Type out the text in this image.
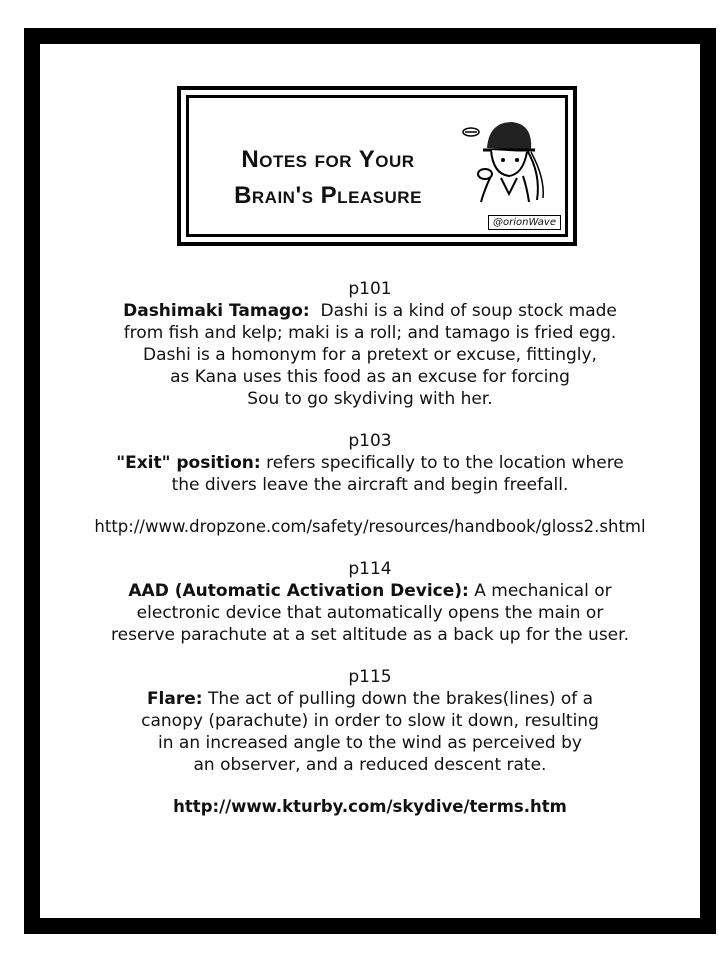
Notes for Your
Brain's Pleasure
@orionWave
p101
Dashimaki Tamago: Dashi is a kind of soup stock made
from fish and kelp; maki is a roll; and tamago is fried egg.
Dashi is a homonym for a pretext or excuse, fittingly,
as Kana uses this food as an excuse for forcing
Sou to go skydiving with her.
p103
"Exit" position: refers specifically to to the location where
the divers leave the aircraft and begin freefall.
http://www.dropzone.com/safety/resources/handbook/gloss2.shtml
p114
AAD (Automatic Activation Device): A mechanical or
electronic device that automatically opens the main or
reserve parachute at a set altitude as a back up for the user.
p115
Flare: The act of pulling down the brakes(lines) of a
canopy (parachute) in order to slow it down, resulting
in an increased angle to the wind as perceived by
an observer, and a reduced descent rate.
http://www.kturby.com/skydive/terms.htm
